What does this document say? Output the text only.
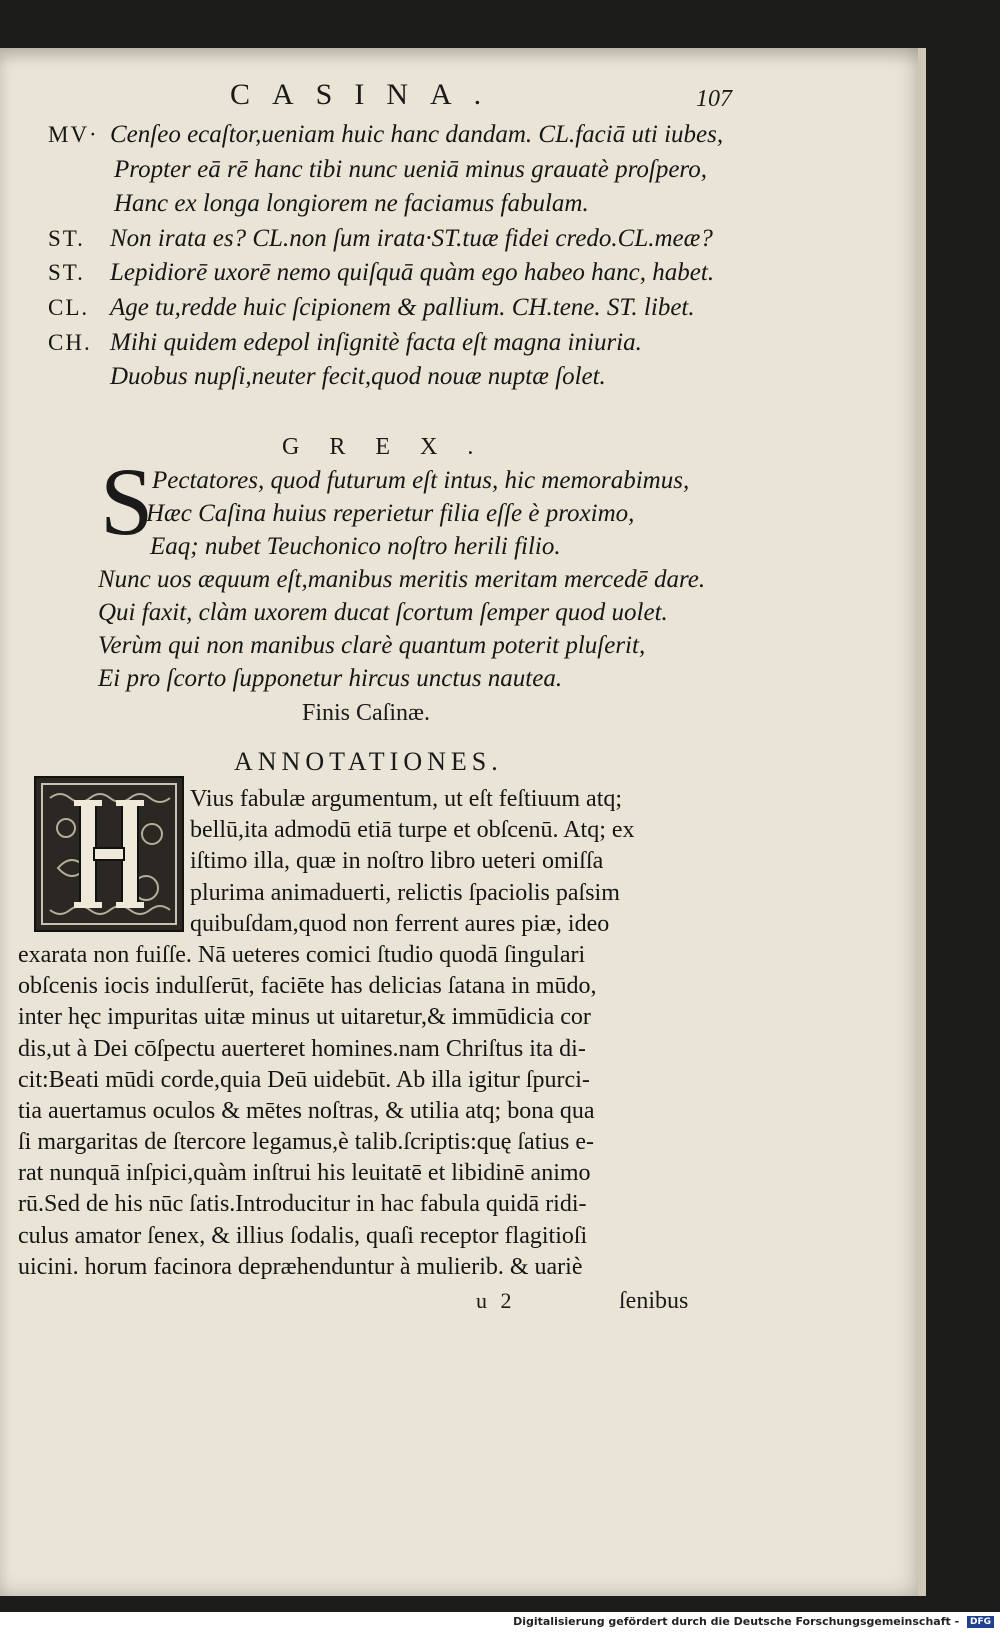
CASINA.	107
MV· Cenſeo ecaſtor,ueniam huic hanc dandam. CL.faciā uti iubes,
Propter eā rē hanc tibi nunc ueniā minus grauatè proſpero,
Hanc ex longa longiorem ne faciamus fabulam.
ST.	Non irata es? CL.non ſum irata·ST.tuæ fidei credo.CL.meæ?
ST.	Lepidiorē uxorē nemo quiſquā quàm ego habeo hanc, habet.
CL. Age tu,redde huic ſcipionem & pallium. CH.tene. ST. libet.
CH. Mihi quidem edepol inſignitè facta eſt magna iniuria.
Duobus nupſi,neuter fecit,quod nouæ nuptæ ſolet.
GREX.
S
Pectatores, quod futurum eſt intus, hic memorabimus,
Hæc Caſina huius reperietur filia eſſe è proximo,
Eaq; nubet Teuchonico noſtro herili filio.
Nunc uos æquum eſt,manibus meritis meritam mercedē dare.
Qui faxit, clàm uxorem ducat ſcortum ſemper quod uolet.
Verùm qui non manibus clarè quantum poterit pluſerit,
Ei pro ſcorto ſupponetur hircus unctus nautea.
Finis Caſinæ.
ANNOTATIONES.
Vius fabulæ argumentum, ut eſt feſtiuum atq;
bellū,ita admodū etiā turpe et obſcenū. Atq; ex
iſtimo illa, quæ in noſtro libro ueteri omiſſa
plurima animaduerti, relictis ſpaciolis paſsim
quibuſdam,quod non ferrent aures piæ, ideo
exarata non fuiſſe. Nā ueteres comici ſtudio quodā ſingulari
obſcenis iocis indulſerūt, faciēte has delicias ſatana in mūdo,
inter hęc impuritas uitæ minus ut uitaretur,& immūdicia cor
dis,ut à Dei cōſpectu auerteret homines.nam Chriſtus ita di-
cit:Beati mūdi corde,quia Deū uidebūt. Ab illa igitur ſpurci-
tia auertamus oculos & mētes noſtras, & utilia atq; bona qua
ſi margaritas de ſtercore legamus,è talib.ſcriptis:quę ſatius e-
rat nunquā inſpici,quàm inſtrui his leuitatē et libidinē animo
rū.Sed de his nūc ſatis.Introducitur in hac fabula quidā ridi-
culus amator ſenex, & illius ſodalis, quaſi receptor flagitioſi
uicini. horum facinora depræhenduntur à mulierib. & uariè
u 2	ſenibus
Digitalisierung gefördert durch die Deutsche Forschungsgemeinschaft - DFG
